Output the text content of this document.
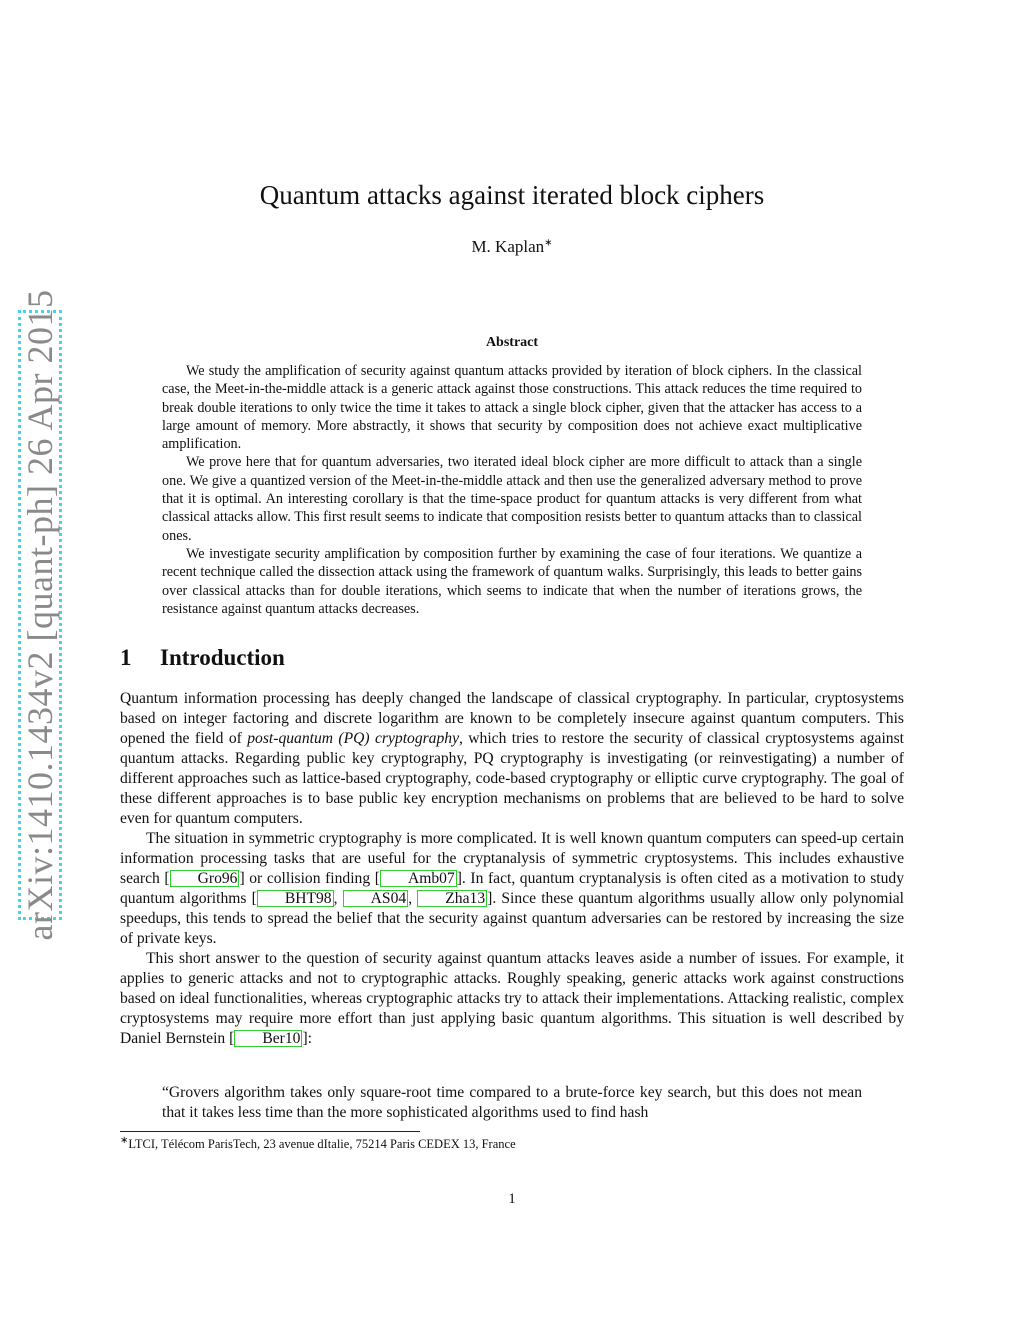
arXiv:1410.1434v2 [quant-ph] 26 Apr 2015
Quantum attacks against iterated block ciphers
M. Kaplan∗
Abstract

We study the amplification of security against quantum attacks provided by iteration of block ciphers. In the classical case, the Meet-in-the-middle attack is a generic attack against those constructions. This attack reduces the time required to break double iterations to only twice the time it takes to attack a single block cipher, given that the attacker has access to a large amount of memory. More abstractly, it shows that security by composition does not achieve exact multiplicative amplification.

We prove here that for quantum adversaries, two iterated ideal block cipher are more difficult to attack than a single one. We give a quantized version of the Meet-in-the-middle attack and then use the generalized adversary method to prove that it is optimal. An interesting corollary is that the time-space product for quantum attacks is very different from what classical attacks allow. This first result seems to indicate that composition resists better to quantum attacks than to classical ones.

We investigate security amplification by composition further by examining the case of four iterations. We quantize a recent technique called the dissection attack using the framework of quantum walks. Surprisingly, this leads to better gains over classical attacks than for double iterations, which seems to indicate that when the number of iterations grows, the resistance against quantum attacks decreases.

1 Introduction

Quantum information processing has deeply changed the landscape of classical cryptography. In particular, cryptosystems based on integer factoring and discrete logarithm are known to be completely insecure against quantum computers. This opened the field of post-quantum (PQ) cryptography, which tries to restore the security of classical cryptosystems against quantum attacks. Regarding public key cryptography, PQ cryptography is investigating (or reinvestigating) a number of different approaches such as lattice-based cryptography, code-based cryptography or elliptic curve cryptography. The goal of these different approaches is to base public key encryption mechanisms on problems that are believed to be hard to solve even for quantum computers.

The situation in symmetric cryptography is more complicated. It is well known quantum computers can speed-up certain information processing tasks that are useful for the cryptanalysis of symmetric cryptosystems. This includes exhaustive search [ Gro96 ] or collision finding [ Amb07 ]. In fact, quantum cryptanalysis is often cited as a motivation to study quantum algorithms [ BHT98 , AS04 , Zha13 ]. Since these quantum algorithms usually allow only polynomial speedups, this tends to spread the belief that the security against quantum adversaries can be restored by increasing the size of private keys.

This short answer to the question of security against quantum attacks leaves aside a number of issues. For example, it applies to generic attacks and not to cryptographic attacks. Roughly speaking, generic attacks work against constructions based on ideal functionalities, whereas cryptographic attacks try to attack their implementations. Attacking realistic, complex cryptosystems may require more effort than just applying basic quantum algorithms. This situation is well described by Daniel Bernstein [ Ber10 ]:

“Grovers algorithm takes only square-root time compared to a brute-force key search, but this does not mean that it takes less time than the more sophisticated algorithms used to find hash

∗LTCI, Télécom ParisTech, 23 avenue dItalie, 75214 Paris CEDEX 13, France
1
